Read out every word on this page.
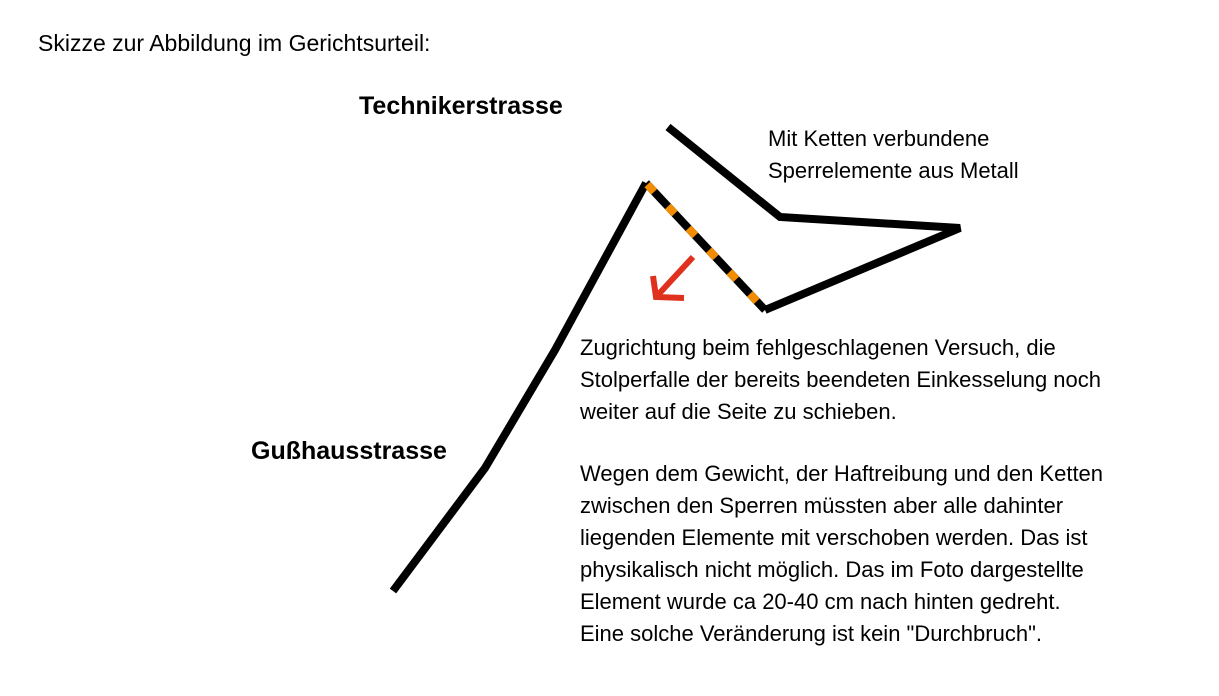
Skizze zur Abbildung im Gerichtsurteil:

Technikerstrasse

Gußhausstrasse

Mit Ketten verbundene
Sperrelemente aus Metall

Zugrichtung beim fehlgeschlagenen Versuch, die
Stolperfalle der bereits beendeten Einkesselung noch
weiter auf die Seite zu schieben.

Wegen dem Gewicht, der Haftreibung und den Ketten
zwischen den Sperren müssten aber alle dahinter
liegenden Elemente mit verschoben werden. Das ist
physikalisch nicht möglich. Das im Foto dargestellte
Element wurde ca 20-40 cm nach hinten gedreht.
Eine solche Veränderung ist kein "Durchbruch".
